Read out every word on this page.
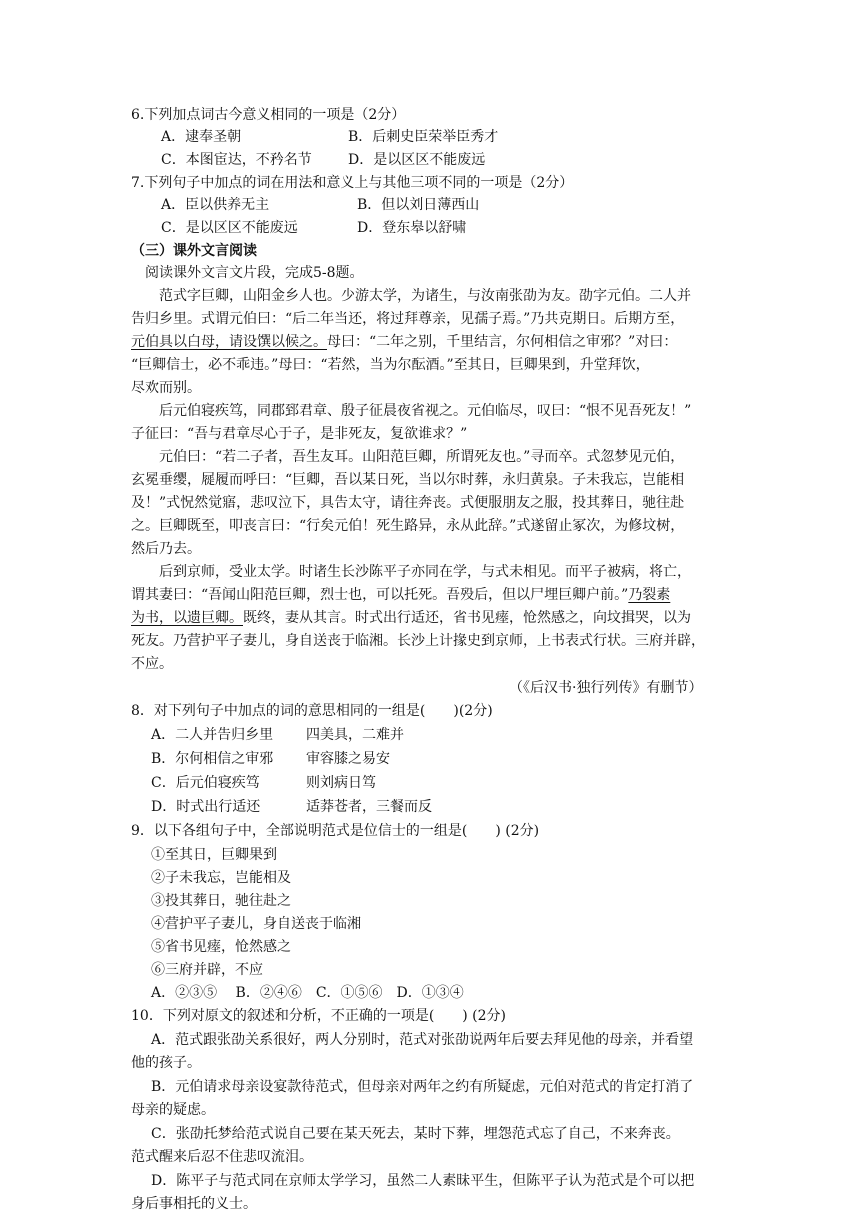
6.下列加点词古今意义相同的一项是（2分）
A．逮奉圣朝	B．后刺史臣荣举臣秀才
C．本图宦达，不矜名节	D．是以区区不能废远
7.下列句子中加点的词在用法和意义上与其他三项不同的一项是（2分）
A．臣以供养无主	B．但以刘日薄西山
C．是以区区不能废远	D．登东皋以舒啸
（三）课外文言阅读
阅读课外文言文片段，完成5-8题。
范式字巨卿，山阳金乡人也。少游太学，为诸生，与汝南张劭为友。劭字元伯。二人并
告归乡里。式谓元伯曰：“后二年当还，将过拜尊亲，见孺子焉。”乃共克期日。后期方至，
元伯具以白母，请设馔以候之。母曰：“二年之别，千里结言，尔何相信之审邪？”对曰：
“巨卿信士，必不乖违。”母曰：“若然，当为尔酝酒。”至其日，巨卿果到，升堂拜饮，
尽欢而别。
后元伯寝疾笃，同郡郅君章、殷子征晨夜省视之。元伯临尽，叹曰：“恨不见吾死友！”
子征曰：“吾与君章尽心于子，是非死友，复欲谁求？”
元伯曰：“若二子者，吾生友耳。山阳范巨卿，所谓死友也。”寻而卒。式忽梦见元伯，
玄冕垂缨，屣履而呼曰：“巨卿，吾以某日死，当以尔时葬，永归黄泉。子未我忘，岂能相
及！”式怳然觉寤，悲叹泣下，具告太守，请往奔丧。式便服朋友之服，投其葬日，驰往赴
之。巨卿既至，叩丧言曰：“行矣元伯！死生路异，永从此辞。”式遂留止冢次，为修坟树，
然后乃去。
后到京师，受业太学。时诸生长沙陈平子亦同在学，与式未相见。而平子被病，将亡，
谓其妻曰：“吾闻山阳范巨卿，烈士也，可以托死。吾殁后，但以尸埋巨卿户前。”乃裂素
为书，以遗巨卿。既终，妻从其言。时式出行适还，省书见瘗，怆然感之，向坟揖哭，以为
死友。乃营护平子妻儿，身自送丧于临湘。长沙上计掾史到京师，上书表式行状。三府并辟，
不应。
（《后汉书·独行列传》有删节）
8．对下列句子中加点的词的意思相同的一组是(　　)(2分)
A．二人并告归乡里 四美具，二难并
B．尔何相信之审邪 审容膝之易安
C．后元伯寝疾笃	则刘病日笃
D．时式出行适还	适莽苍者，三餐而反
9．以下各组句子中，全部说明范式是位信士的一组是(　　) (2分)
①至其日，巨卿果到
②子未我忘，岂能相及
③投其葬日，驰往赴之
④营护平子妻儿，身自送丧于临湘
⑤省书见瘗，怆然感之
⑥三府并辟，不应
A．②③⑤　 B．②④⑥　C．①⑤⑥　D．①③④
10．下列对原文的叙述和分析，不正确的一项是(　　) (2分)
A．范式跟张劭关系很好，两人分别时，范式对张劭说两年后要去拜见他的母亲，并看望
他的孩子。
B．元伯请求母亲设宴款待范式，但母亲对两年之约有所疑虑，元伯对范式的肯定打消了
母亲的疑虑。
C．张劭托梦给范式说自己要在某天死去，某时下葬，埋怨范式忘了自己，不来奔丧。
范式醒来后忍不住悲叹流泪。
D．陈平子与范式同在京师太学学习，虽然二人素昧平生，但陈平子认为范式是个可以把
身后事相托的义士。
